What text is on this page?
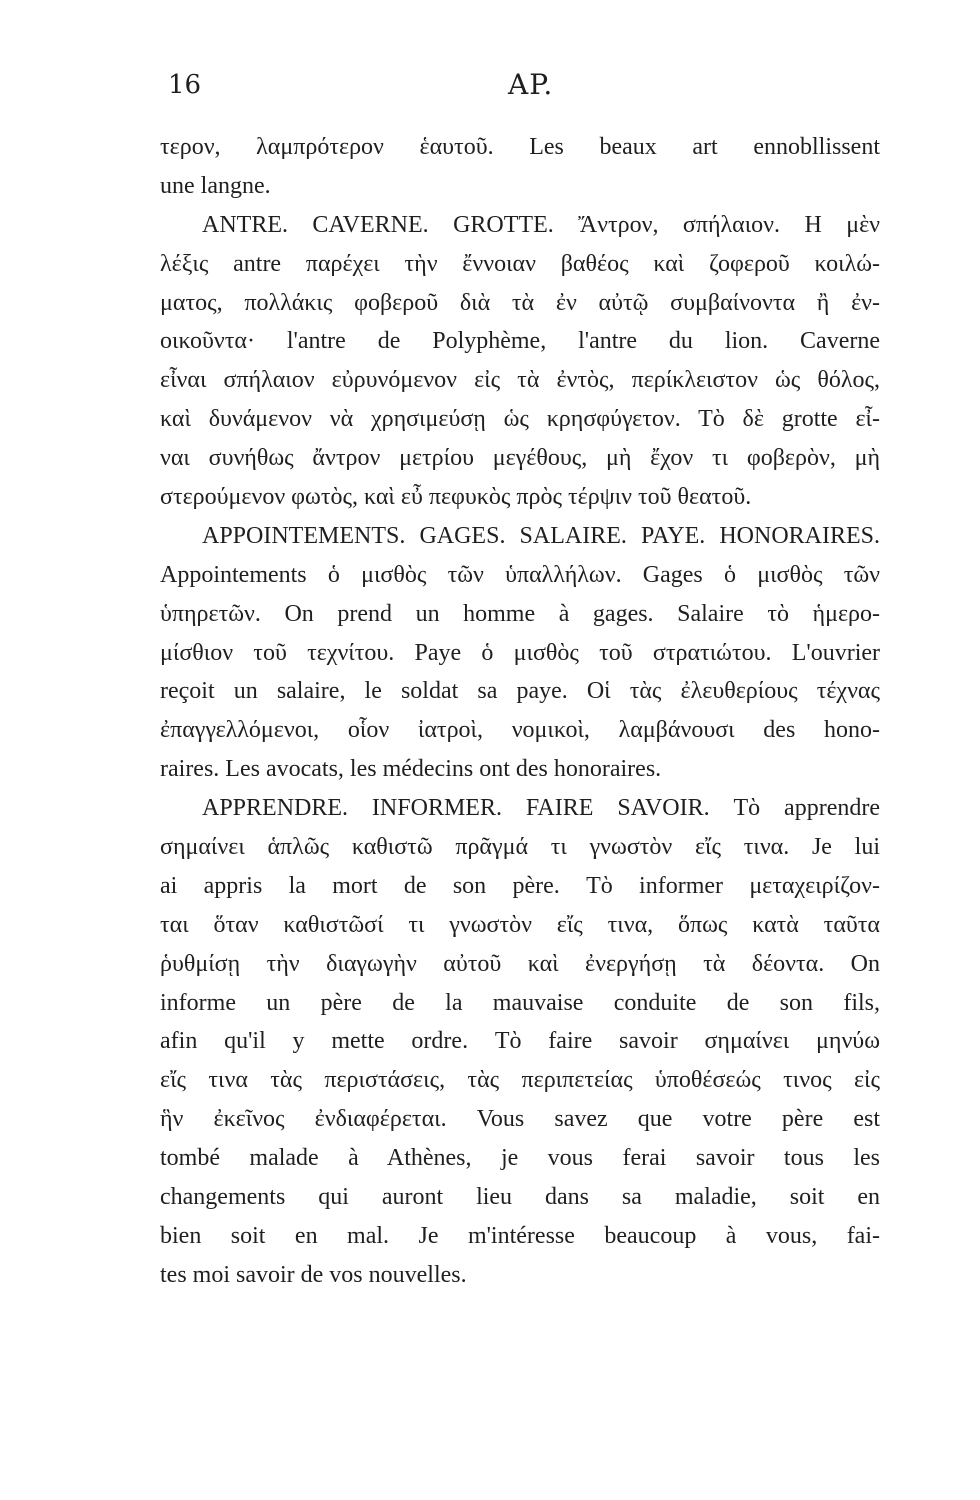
16	AP.
τερον, λαμπρότερον ἑαυτοῦ. Les beaux art ennobllissent
une langne.
ANTRE. CAVERNE. GROTTE. Ἄντρον, σπήλαιον. Η μὲν
λέξις antre παρέχει τὴν ἔννοιαν βαθέος καὶ ζοφεροῦ κοιλώ-
ματος, πολλάκις φοβεροῦ διὰ τὰ ἐν αὐτῷ συμβαίνοντα ἢ ἐν-
οικοῦντα· l'antre de Polyphème, l'antre du lion. Caverne
εἶναι σπήλαιον εὐρυνόμενον εἰς τὰ ἐντὸς, περίκλειστον ὡς θόλος,
καὶ δυνάμενον νὰ χρησιμεύσῃ ὡς κρησφύγετον. Τὸ δὲ grotte εἶ-
ναι συνήθως ἄντρον μετρίου μεγέθους, μὴ ἔχον τι φοβερὸν, μὴ
στερούμενον φωτὸς, καὶ εὖ πεφυκὸς πρὸς τέρψιν τοῦ θεατοῦ.
APPOINTEMENTS. GAGES. SALAIRE. PAYE. HONORAIRES.
Appointements ὁ μισθὸς τῶν ὑπαλλήλων. Gages ὁ μισθὸς τῶν
ὑπηρετῶν. On prend un homme à gages. Salaire τὸ ἡμερο-
μίσθιον τοῦ τεχνίτου. Paye ὁ μισθὸς τοῦ στρατιώτου. L'ouvrier
reçoit un salaire, le soldat sa paye. Οἱ τὰς ἐλευθερίους τέχνας
ἐπαγγελλόμενοι, οἷον ἰατροὶ, νομικοὶ, λαμβάνουσι des hono-
raires. Les avocats, les médecins ont des honoraires.
APPRENDRE. INFORMER. FAIRE SAVOIR. Τὸ apprendre
σημαίνει ἁπλῶς καθιστῶ πρᾶγμά τι γνωστὸν εἴς τινα. Je lui
ai appris la mort de son père. Τὸ informer μεταχειρίζον-
ται ὅταν καθιστῶσί τι γνωστὸν εἴς τινα, ὅπως κατὰ ταῦτα
ῥυθμίσῃ τὴν διαγωγὴν αὐτοῦ καὶ ἐνεργήσῃ τὰ δέοντα. On
informe un père de la mauvaise conduite de son fils,
afin qu'il y mette ordre. Τὸ faire savoir σημαίνει μηνύω
εἴς τινα τὰς περιστάσεις, τὰς περιπετείας ὑποθέσεώς τινος εἰς
ἣν ἐκεῖνος ἐνδιαφέρεται. Vous savez que votre père est
tombé malade à Athènes, je vous ferai savoir tous les
changements qui auront lieu dans sa maladie, soit en
bien soit en mal. Je m'intéresse beaucoup à vous, fai-
tes moi savoir de vos nouvelles.
